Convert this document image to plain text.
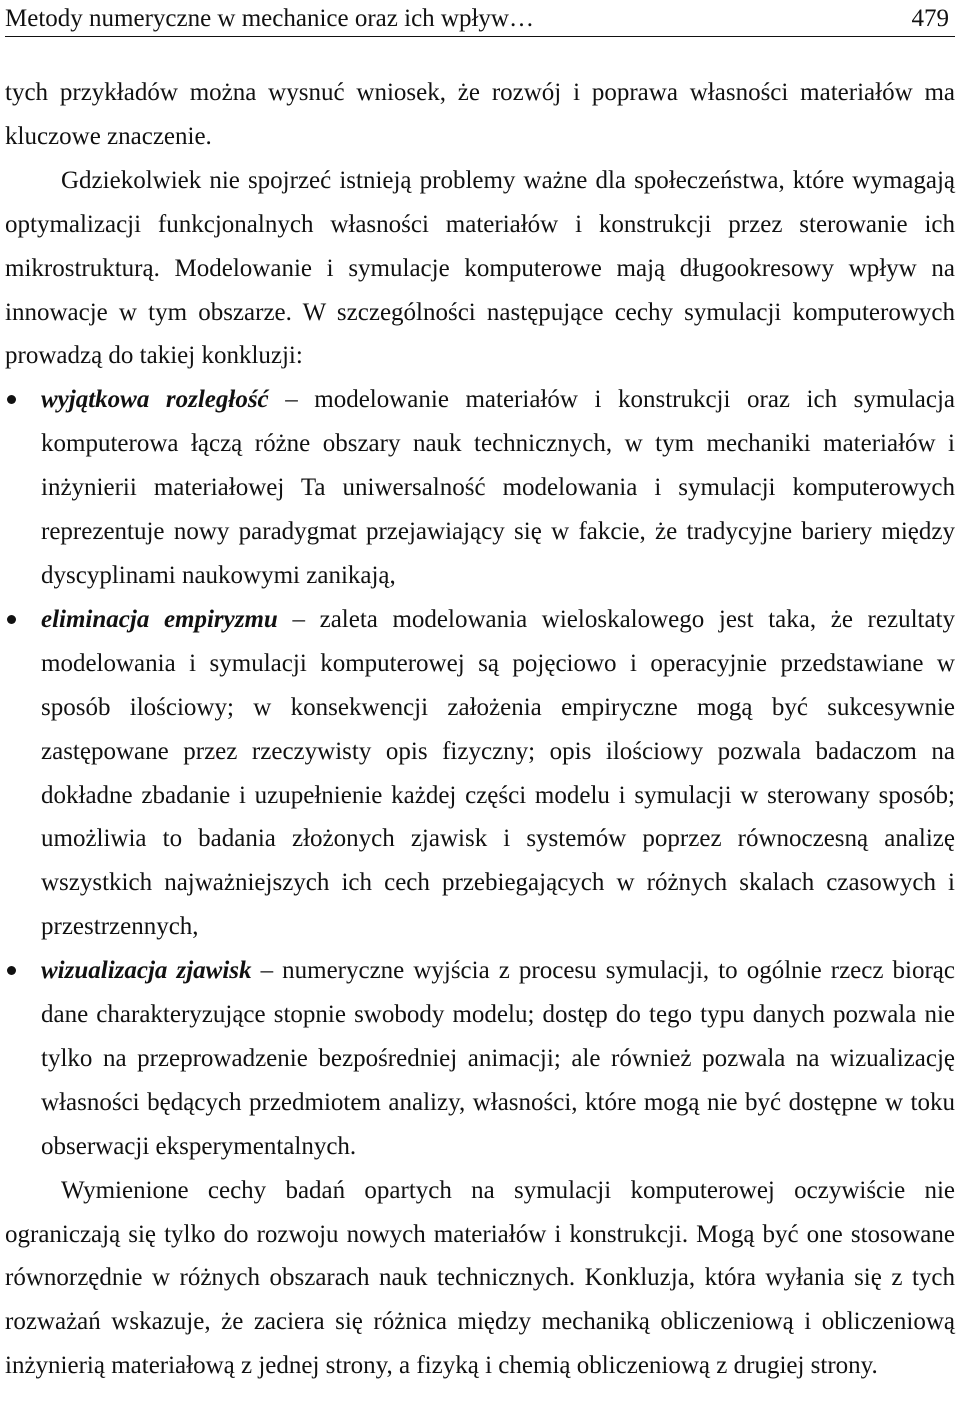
Metody numeryczne w mechanice oraz ich wpływ…	479

tych przykładów można wysnuć wniosek, że rozwój i poprawa własności materiałów ma kluczowe znaczenie.

Gdziekolwiek nie spojrzeć istnieją problemy ważne dla społeczeństwa, które wymagają optymalizacji funkcjonalnych własności materiałów i konstrukcji przez sterowanie ich mikrostrukturą. Modelowanie i symulacje komputerowe mają długookresowy wpływ na innowacje w tym obszarze. W szczególności następujące cechy symulacji komputerowych prowadzą do takiej konkluzji:

wyjątkowa rozległość – modelowanie materiałów i konstrukcji oraz ich symulacja komputerowa łączą różne obszary nauk technicznych, w tym mechaniki materiałów i inżynierii materiałowej Ta uniwersalność modelowania i symulacji komputerowych reprezentuje nowy paradygmat przejawiający się w fakcie, że tradycyjne bariery między dyscyplinami naukowymi zanikają,
eliminacja empiryzmu – zaleta modelowania wieloskalowego jest taka, że rezultaty modelowania i symulacji komputerowej są pojęciowo i operacyjnie przedstawiane w sposób ilościowy; w konsekwencji założenia empiryczne mogą być sukcesywnie zastępowane przez rzeczywisty opis fizyczny; opis ilościowy pozwala badaczom na dokładne zbadanie i uzupełnienie każdej części modelu i symulacji w sterowany sposób; umożliwia to badania złożonych zjawisk i systemów poprzez równoczesną analizę wszystkich najważniejszych ich cech przebiegających w różnych skalach czasowych i przestrzennych,
wizualizacja zjawisk – numeryczne wyjścia z procesu symulacji, to ogólnie rzecz biorąc dane charakteryzujące stopnie swobody modelu; dostęp do tego typu danych pozwala nie tylko na przeprowadzenie bezpośredniej animacji; ale również pozwala na wizualizację własności będących przedmiotem analizy, własności, które mogą nie być dostępne w toku obserwacji eksperymentalnych.

Wymienione cechy badań opartych na symulacji komputerowej oczywiście nie ograniczają się tylko do rozwoju nowych materiałów i konstrukcji. Mogą być one stosowane równorzędnie w różnych obszarach nauk technicznych. Konkluzja, która wyłania się z tych rozważań wskazuje, że zaciera się różnica między mechaniką obliczeniową i obliczeniową inżynierią materiałową z jednej strony, a fizyką i chemią obliczeniową z drugiej strony.
